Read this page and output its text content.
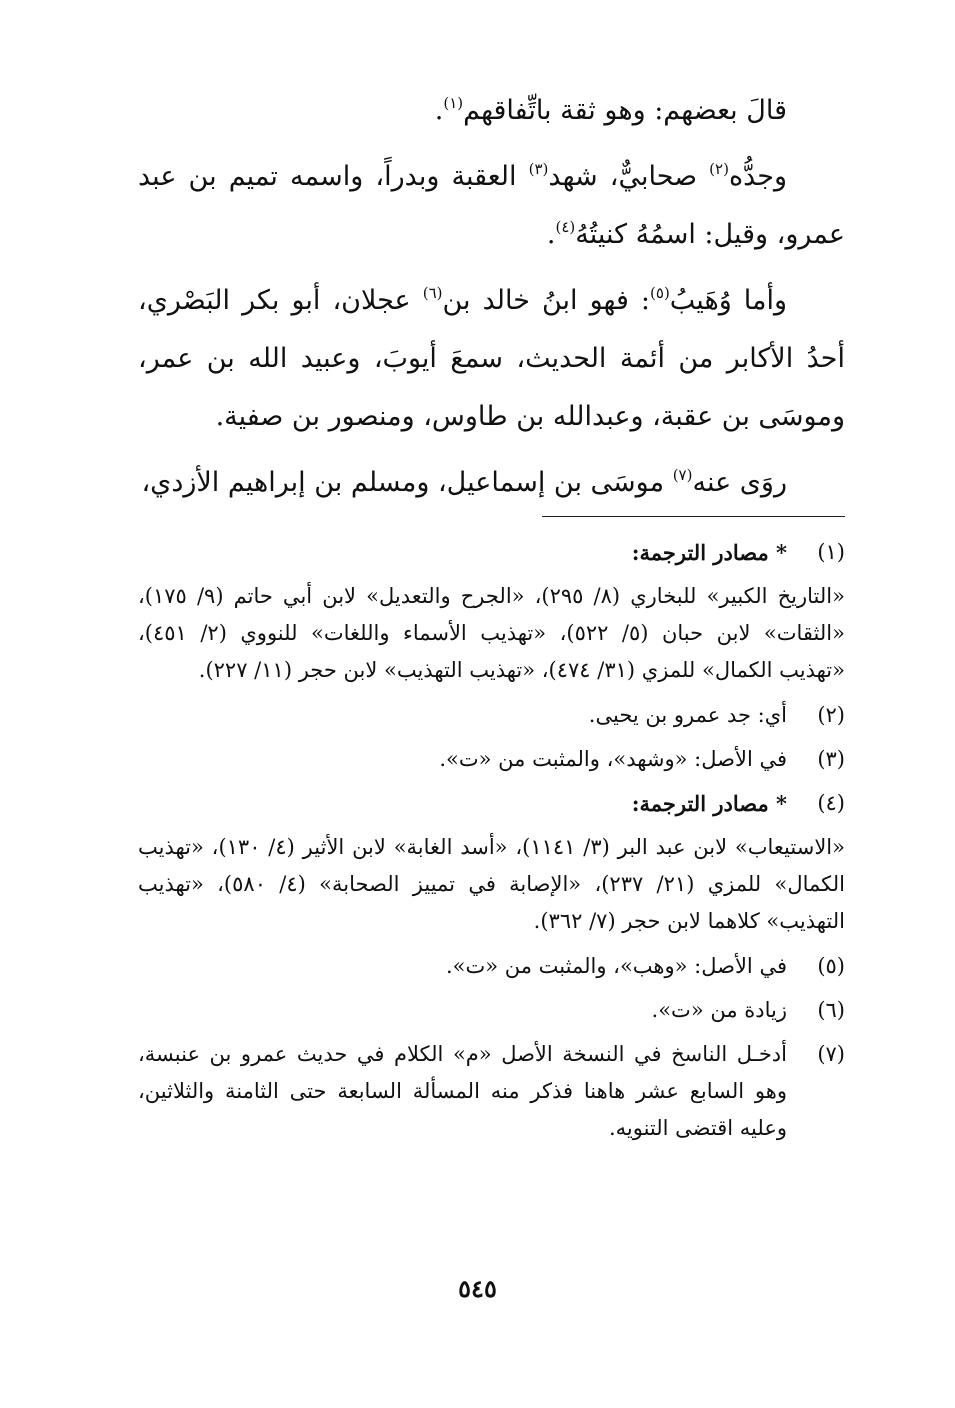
قالَ بعضهم: وهو ثقة باتِّفاقهم$^{(١)}$.

وجدُّه$^{(٢)}$ صحابيٌّ، شهد$^{(٣)}$ العقبة وبدراً، واسمه تميم بن عبد عمرو، وقيل: اسمُهُ كنيتُهُ$^{(٤)}$.

وأما وُهَيبُ$^{(٥)}$: فهو ابنُ خالد بن$^{(٦)}$ عجلان، أبو بكر البَصْري، أحدُ الأكابر من أئمة الحديث، سمعَ أيوبَ، وعبيد الله بن عمر، وموسَى بن عقبة، وعبدالله بن طاوس، ومنصور بن صفية.

روَى عنه$^{(٧)}$ موسَى بن إسماعيل، ومسلم بن إبراهيم الأزدي،

(١)
* مصادر الترجمة:
«التاريخ الكبير» للبخاري (٨/ ٢٩٥)، «الجرح والتعديل» لابن أبي حاتم (٩/ ١٧٥)، «الثقات» لابن حبان (٥/ ٥٢٢)، «تهذيب الأسماء واللغات» للنووي (٢/ ٤٥١)، «تهذيب الكمال» للمزي (٣١/ ٤٧٤)، «تهذيب التهذيب» لابن حجر (١١/ ٢٢٧).
(٢)
أي: جد عمرو بن يحيى.
(٣)
في الأصل: «وشهد»، والمثبت من «ت».
(٤)
* مصادر الترجمة:
«الاستيعاب» لابن عبد البر (٣/ ١١٤١)، «أسد الغابة» لابن الأثير (٤/ ١٣٠)، «تهذيب الكمال» للمزي (٢١/ ٢٣٧)، «الإصابة في تمييز الصحابة» (٤/ ٥٨٠)، «تهذيب التهذيب» كلاهما لابن حجر (٧/ ٣٦٢).
(٥)
في الأصل: «وهب»، والمثبت من «ت».
(٦)
زيادة من «ت».
(٧)
أدخـل الناسخ في النسخة الأصل «م» الكلام في حديث عمرو بن عنبسة، وهو السابع عشر هاهنا فذكر منه المسألة السابعة حتى الثامنة والثلاثين، وعليه اقتضى التنويه.
٥٤٥
